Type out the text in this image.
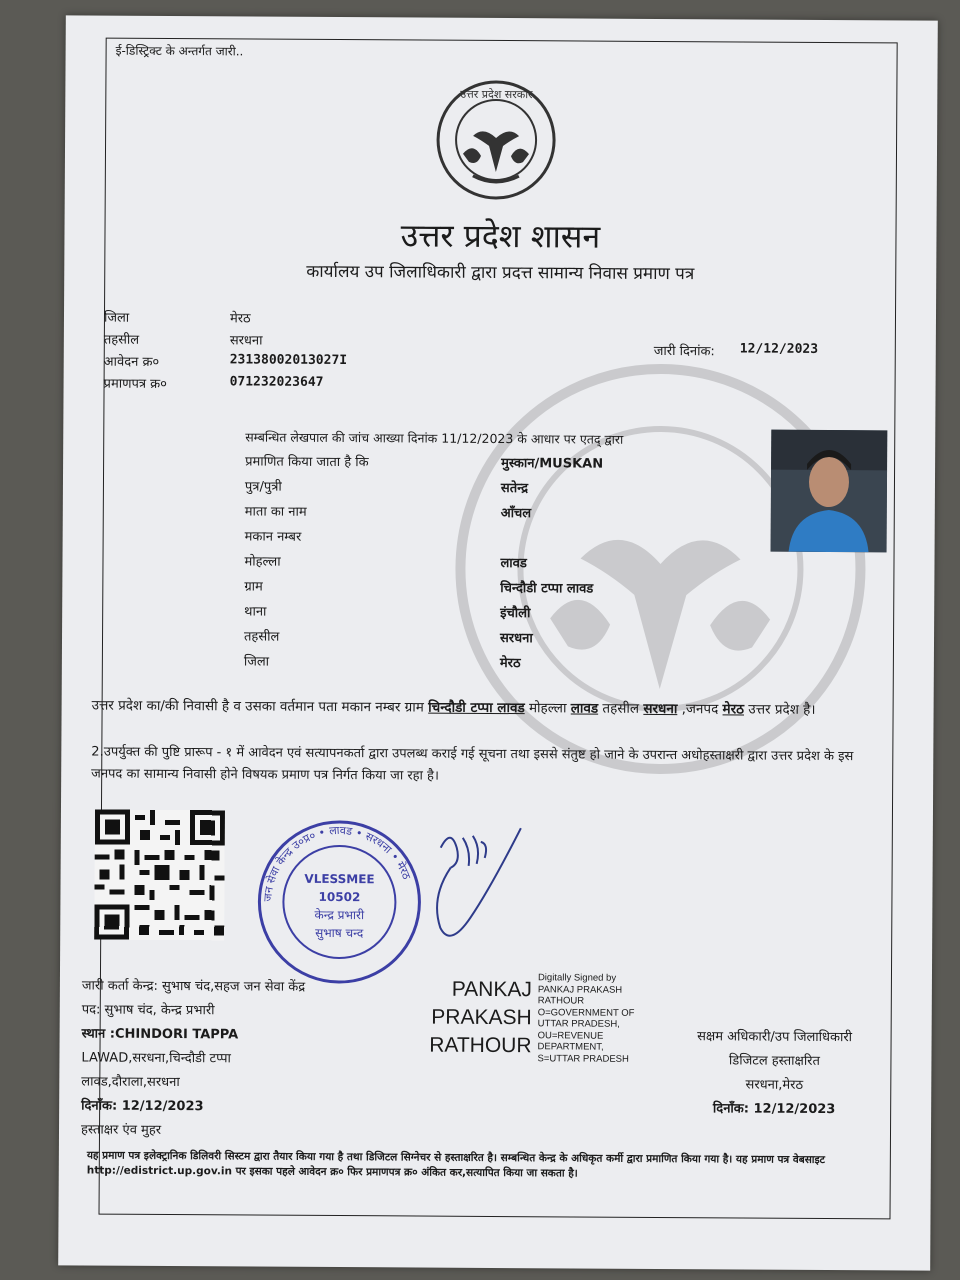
ई-डिस्ट्रिक्ट के अन्तर्गत जारी..
उत्तर प्रदेश सरकार
उत्तर प्रदेश शासन
कार्यालय उप जिलाधिकारी द्वारा प्रदत्त सामान्य निवास प्रमाण पत्र
जिला	मेरठ
तहसील	सरधना
आवेदन क्र०	23138002013027I
प्रमाणपत्र क्र०	071232023647
जारी दिनांक: 12/12/2023
सम्बन्धित लेखपाल की जांच आख्या दिनांक 11/12/2023 के आधार पर एतद् द्वारा
प्रमाणित किया जाता है कि	मुस्कान/MUSKAN
पुत्र/पुत्री	सतेन्द्र
माता का नाम	आँचल
मकान नम्बर
मोहल्ला	लावड
ग्राम	चिन्दौडी टप्पा लावड
थाना	इंचौली
तहसील	सरधना
जिला	मेरठ
उत्तर प्रदेश का/की निवासी है व उसका वर्तमान पता मकान नम्बर ग्राम चिन्दौडी टप्पा लावड मोहल्ला लावड तहसील सरधना ,जनपद मेरठ उत्तर प्रदेश है।
2.उपर्युक्त की पुष्टि प्रारूप - १ में आवेदन एवं सत्यापनकर्ता द्वारा उपलब्ध कराई गई सूचना तथा इससे संतुष्ट हो जाने के उपरान्त अधोहस्ताक्षरी द्वारा उत्तर प्रदेश के इस जनपद का सामान्य निवासी होने विषयक प्रमाण पत्र निर्गत किया जा रहा है।
जन सेवा केन्द्र उ०प्र० • लावड • सरधना • मेरठ
VLESSMEE
10502
केन्द्र प्रभारी
सुभाष चन्द
जारी कर्ता केन्द्र: सुभाष चंद,सहज जन सेवा केंद्र
पद: सुभाष चंद, केन्द्र प्रभारी
स्थान :CHINDORI TAPPA
LAWAD,सरधना,चिन्दौडी टप्पा
लावड,दौराला,सरधना
दिनाँक: 12/12/2023
हस्ताक्षर एंव मुहर
PANKAJ
PRAKASH
RATHOUR
Digitally Signed by
PANKAJ PRAKASH
RATHOUR
O=GOVERNMENT OF
UTTAR PRADESH,
OU=REVENUE
DEPARTMENT,
S=UTTAR PRADESH
सक्षम अधिकारी/उप जिलाधिकारी
डिजिटल हस्ताक्षरित
सरधना,मेरठ
दिनाँक: 12/12/2023
यह प्रमाण पत्र इलेक्ट्रानिक डिलिवरी सिस्टम द्वारा तैयार किया गया है तथा डिजिटल सिग्नेचर से हस्ताक्षरित है। सम्बन्धित केन्द्र के अधिकृत कर्मी द्वारा प्रमाणित किया गया है। यह प्रमाण पत्र वेबसाइट http://edistrict.up.gov.in पर इसका पहले आवेदन क्र० फिर प्रमाणपत्र क्र० अंकित कर,सत्यापित किया जा सकता है।
